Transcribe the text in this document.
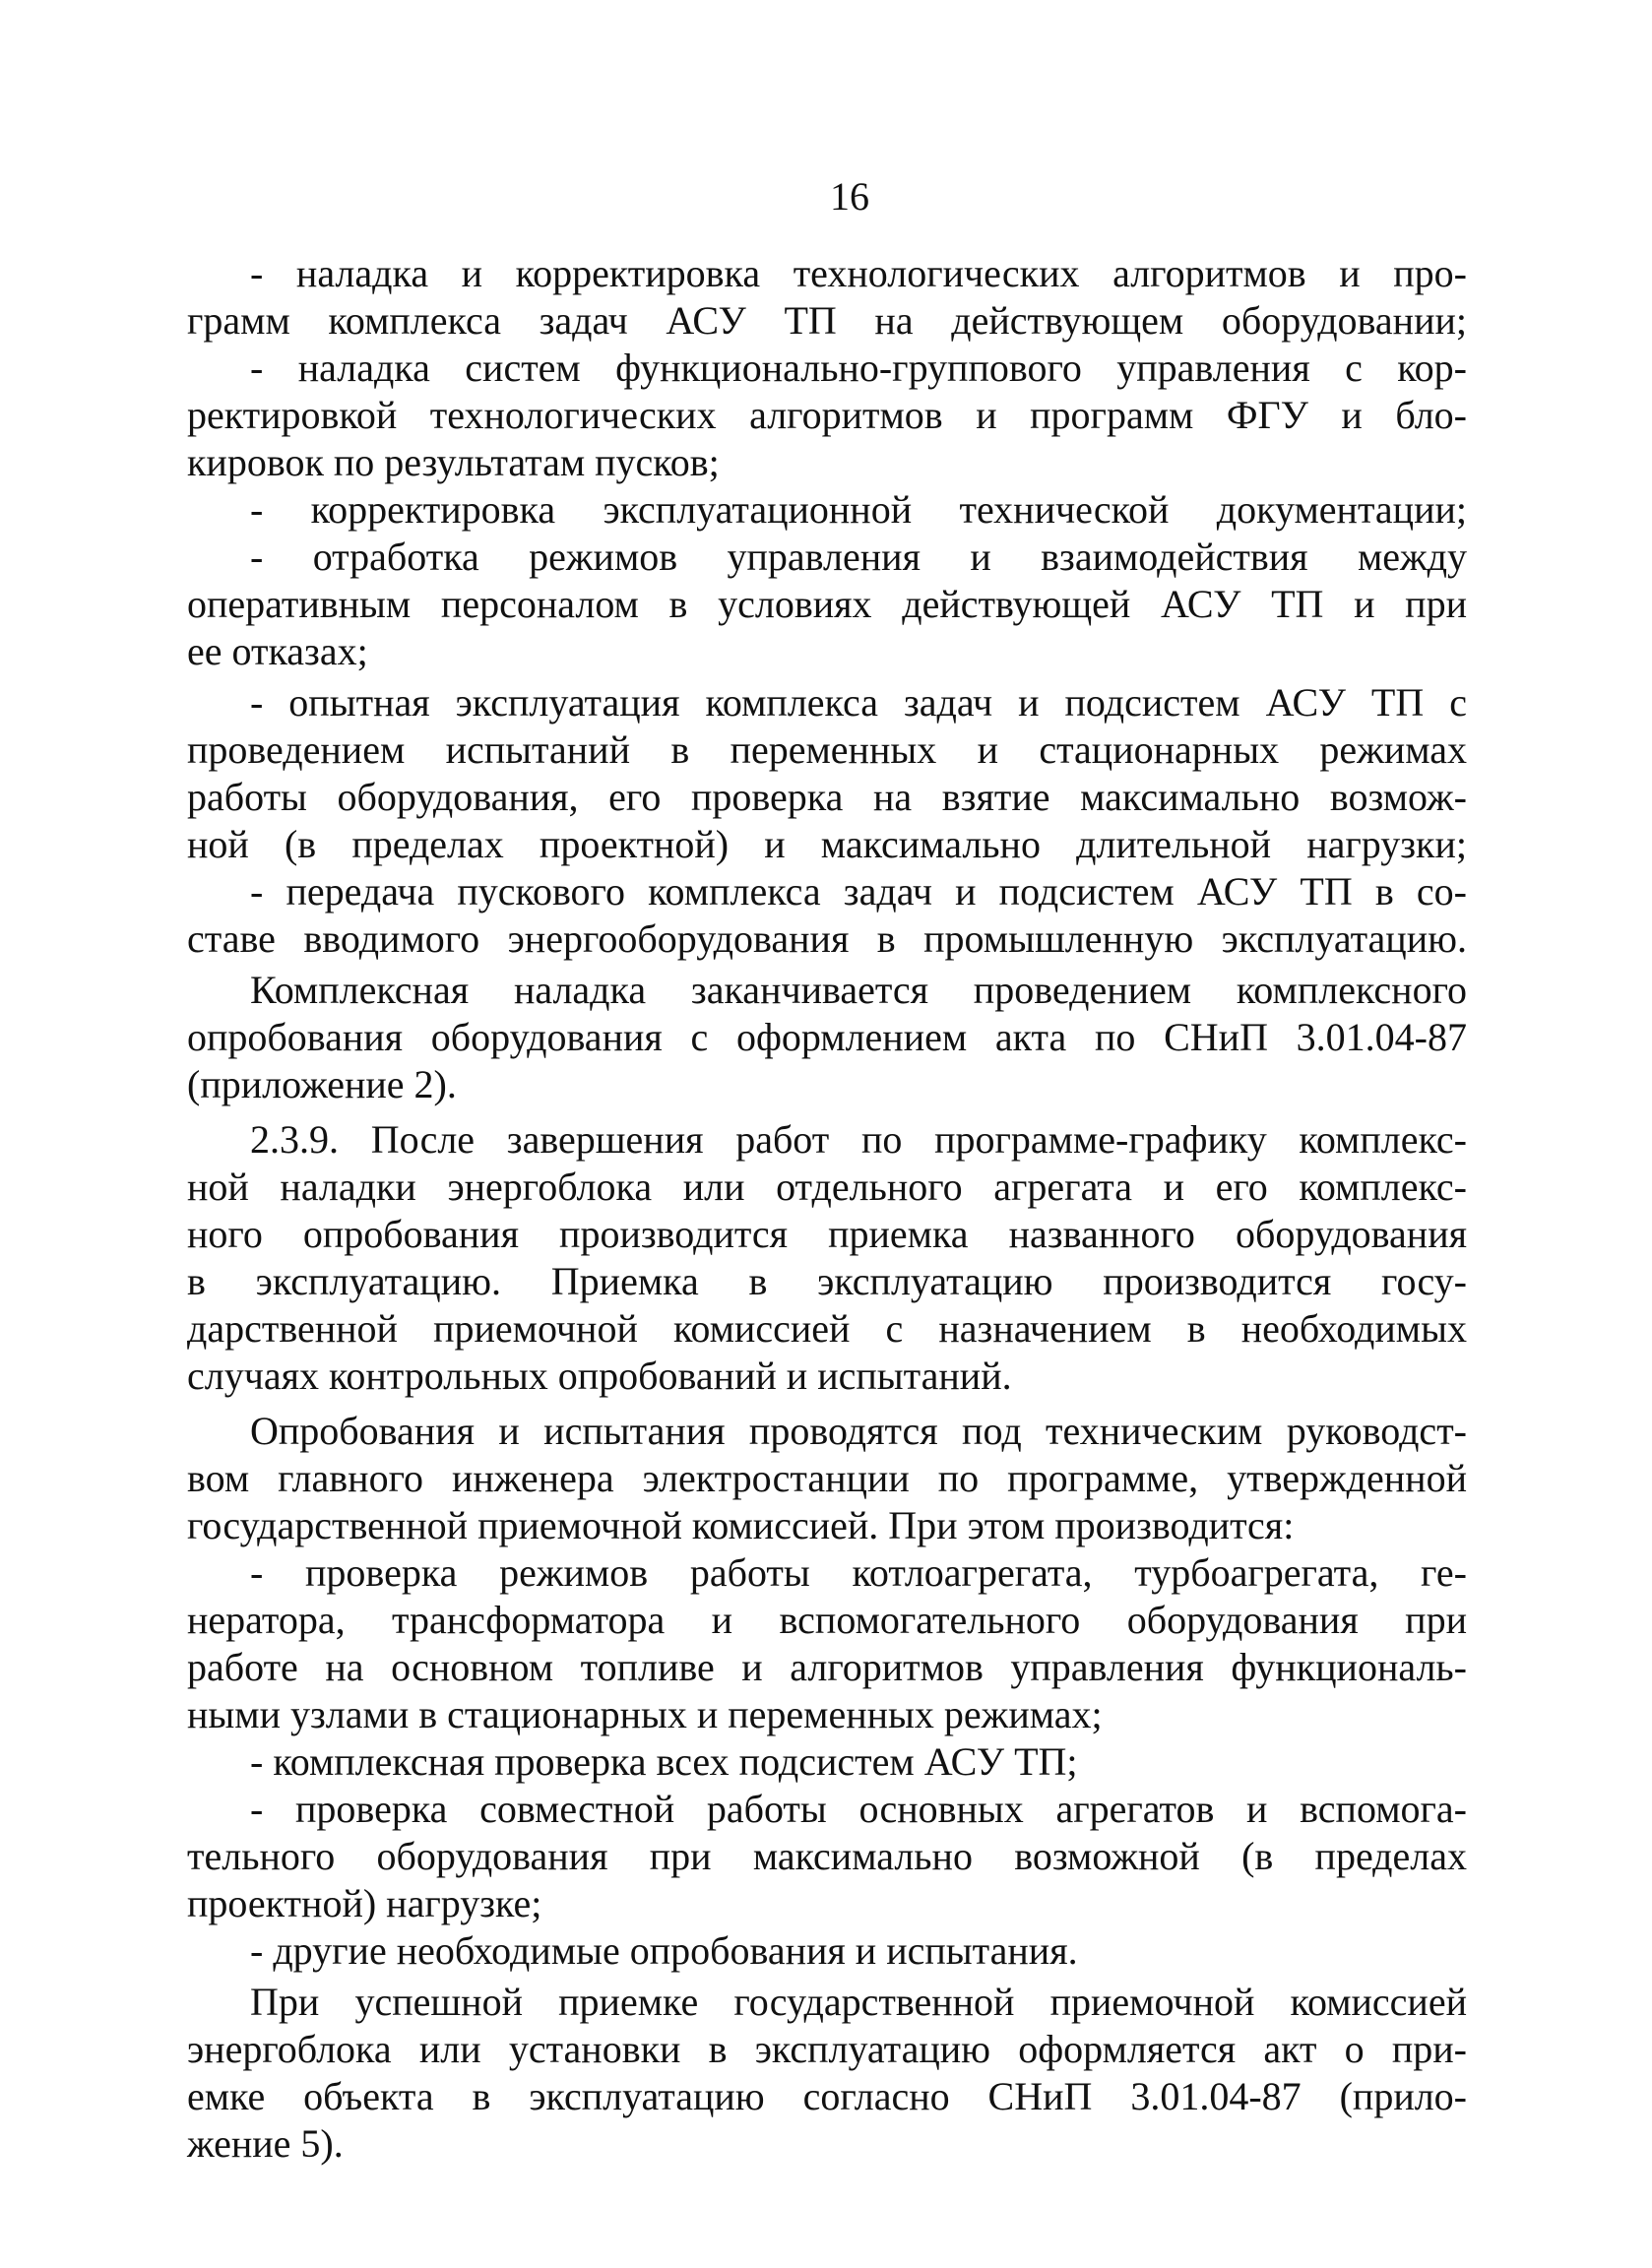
16
- наладка и корректировка технологических алгоритмов и про-
грамм комплекса задач АСУ ТП на действующем оборудовании;
- наладка систем функционально-группового управления с кор-
ректировкой технологических алгоритмов и программ ФГУ и бло-
кировок по результатам пусков;
- корректировка эксплуатационной технической документации;
- отработка режимов управления и взаимодействия между
оперативным персоналом в условиях действующей АСУ ТП и при
ее отказах;
- опытная эксплуатация комплекса задач и подсистем АСУ ТП с
проведением испытаний в переменных и стационарных режимах
работы оборудования, его проверка на взятие максимально возмож-
ной (в пределах проектной) и максимально длительной нагрузки;
- передача пускового комплекса задач и подсистем АСУ ТП в со-
ставе вводимого энергооборудования в промышленную эксплуатацию.
Комплексная наладка заканчивается проведением комплексного
опробования оборудования с оформлением акта по СНиП 3.01.04-87
(приложение 2).
2.3.9. После завершения работ по программе-графику комплекс-
ной наладки энергоблока или отдельного агрегата и его комплекс-
ного опробования производится приемка названного оборудования
в эксплуатацию. Приемка в эксплуатацию производится госу-
дарственной приемочной комиссией с назначением в необходимых
случаях контрольных опробований и испытаний.
Опробования и испытания проводятся под техническим руководст-
вом главного инженера электростанции по программе, утвержденной
государственной приемочной комиссией. При этом производится:
- проверка режимов работы котлоагрегата, турбоагрегата, ге-
нератора, трансформатора и вспомогательного оборудования при
работе на основном топливе и алгоритмов управления функциональ-
ными узлами в стационарных и переменных режимах;
- комплексная проверка всех подсистем АСУ ТП;
- проверка совместной работы основных агрегатов и вспомога-
тельного оборудования при максимально возможной (в пределах
проектной) нагрузке;
- другие необходимые опробования и испытания.
При успешной приемке государственной приемочной комиссией
энергоблока или установки в эксплуатацию оформляется акт о при-
емке объекта в эксплуатацию согласно СНиП 3.01.04-87 (прило-
жение 5).
